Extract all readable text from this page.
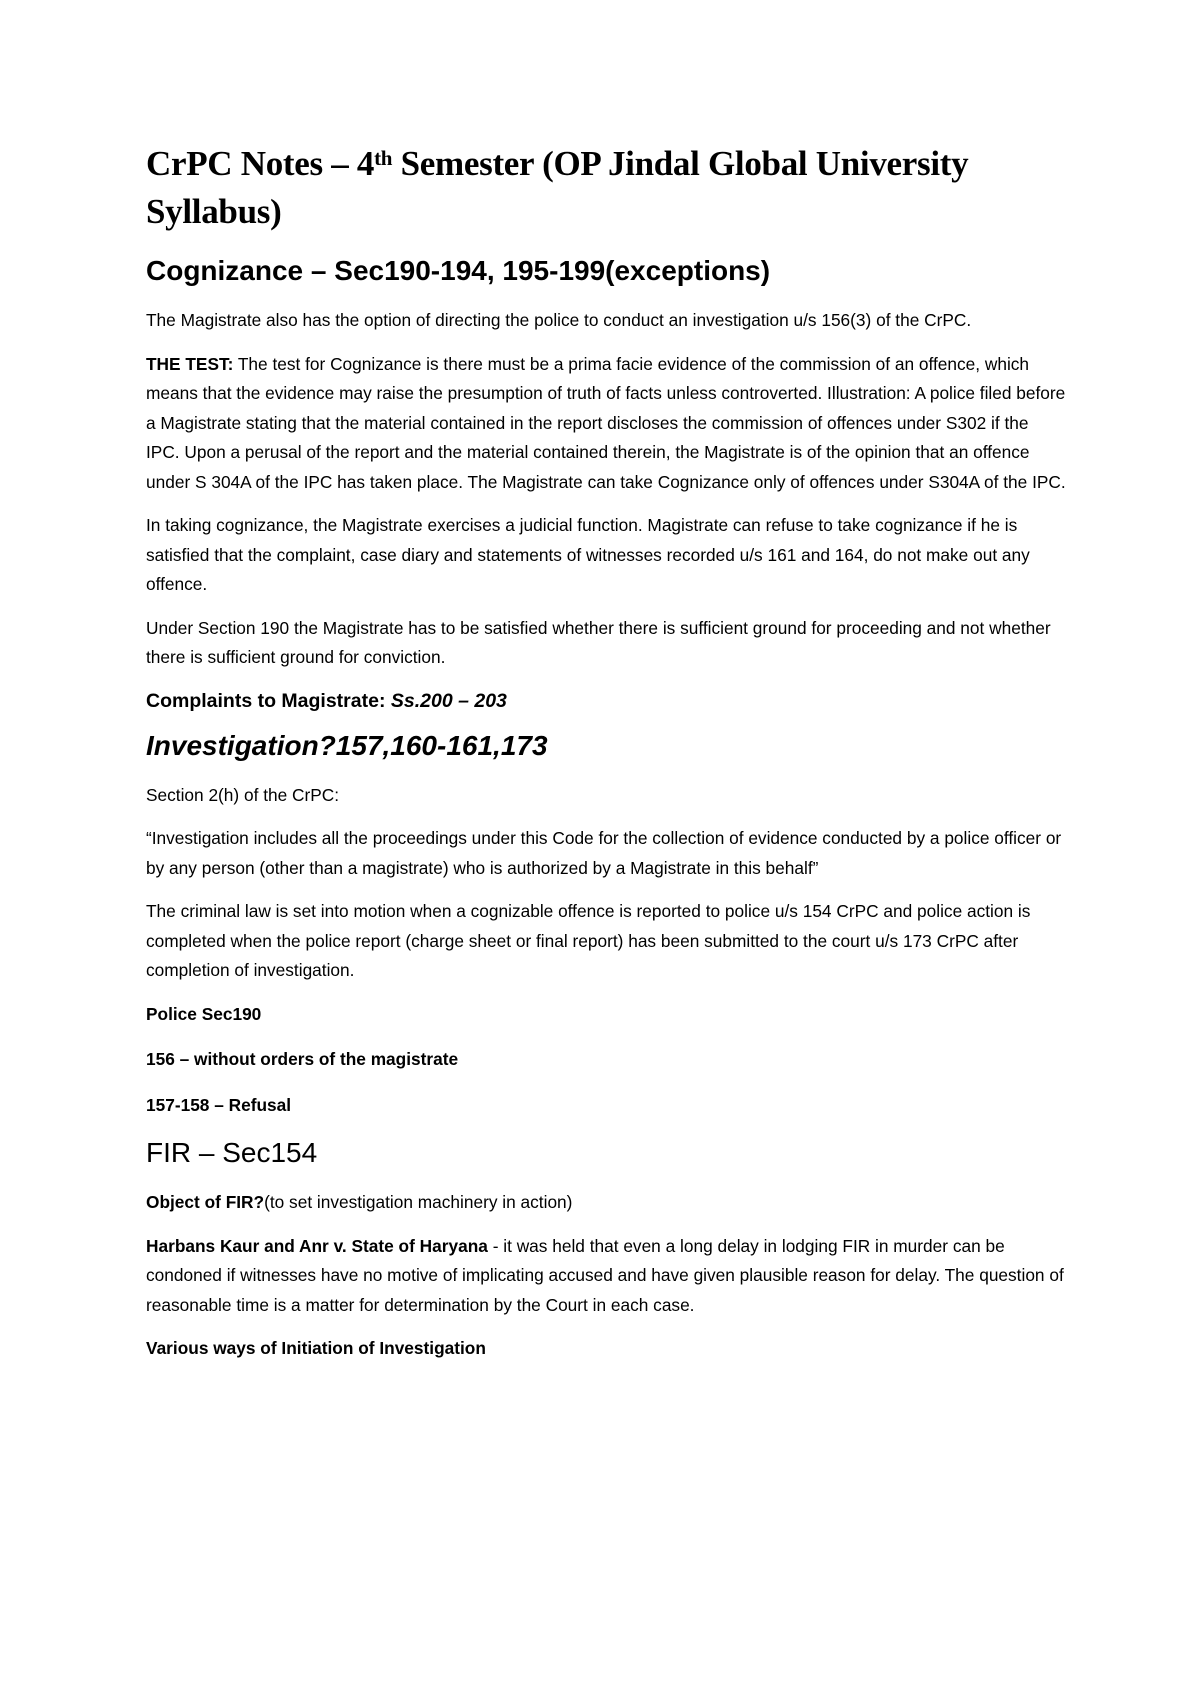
CrPC Notes – 4th Semester (OP Jindal Global University Syllabus)
Cognizance – Sec190-194, 195-199(exceptions)

The Magistrate also has the option of directing the police to conduct an investigation u/s 156(3) of the CrPC.

THE TEST: The test for Cognizance is there must be a prima facie evidence of the commission of an offence, which means that the evidence may raise the presumption of truth of facts unless controverted. Illustration: A police filed before a Magistrate stating that the material contained in the report discloses the commission of offences under S302 if the IPC. Upon a perusal of the report and the material contained therein, the Magistrate is of the opinion that an offence under S 304A of the IPC has taken place. The Magistrate can take Cognizance only of offences under S304A of the IPC.

In taking cognizance, the Magistrate exercises a judicial function. Magistrate can refuse to take cognizance if he is satisfied that the complaint, case diary and statements of witnesses recorded u/s 161 and 164, do not make out any offence.

Under Section 190 the Magistrate has to be satisfied whether there is sufficient ground for proceeding and not whether there is sufficient ground for conviction.

Complaints to Magistrate: Ss.200 – 203
Investigation?157,160-161,173

Section 2(h) of the CrPC:

“Investigation includes all the proceedings under this Code for the collection of evidence conducted by a police officer or by any person (other than a magistrate) who is authorized by a Magistrate in this behalf”

The criminal law is set into motion when a cognizable offence is reported to police u/s 154 CrPC and police action is completed when the police report (charge sheet or final report) has been submitted to the court u/s 173 CrPC after completion of investigation.

Police Sec190
156 – without orders of the magistrate
157-158 – Refusal
FIR – Sec154

Object of FIR?(to set investigation machinery in action)

Harbans Kaur and Anr v. State of Haryana - it was held that even a long delay in lodging FIR in murder can be condoned if witnesses have no motive of implicating accused and have given plausible reason for delay. The question of reasonable time is a matter for determination by the Court in each case.

Various ways of Initiation of Investigation
